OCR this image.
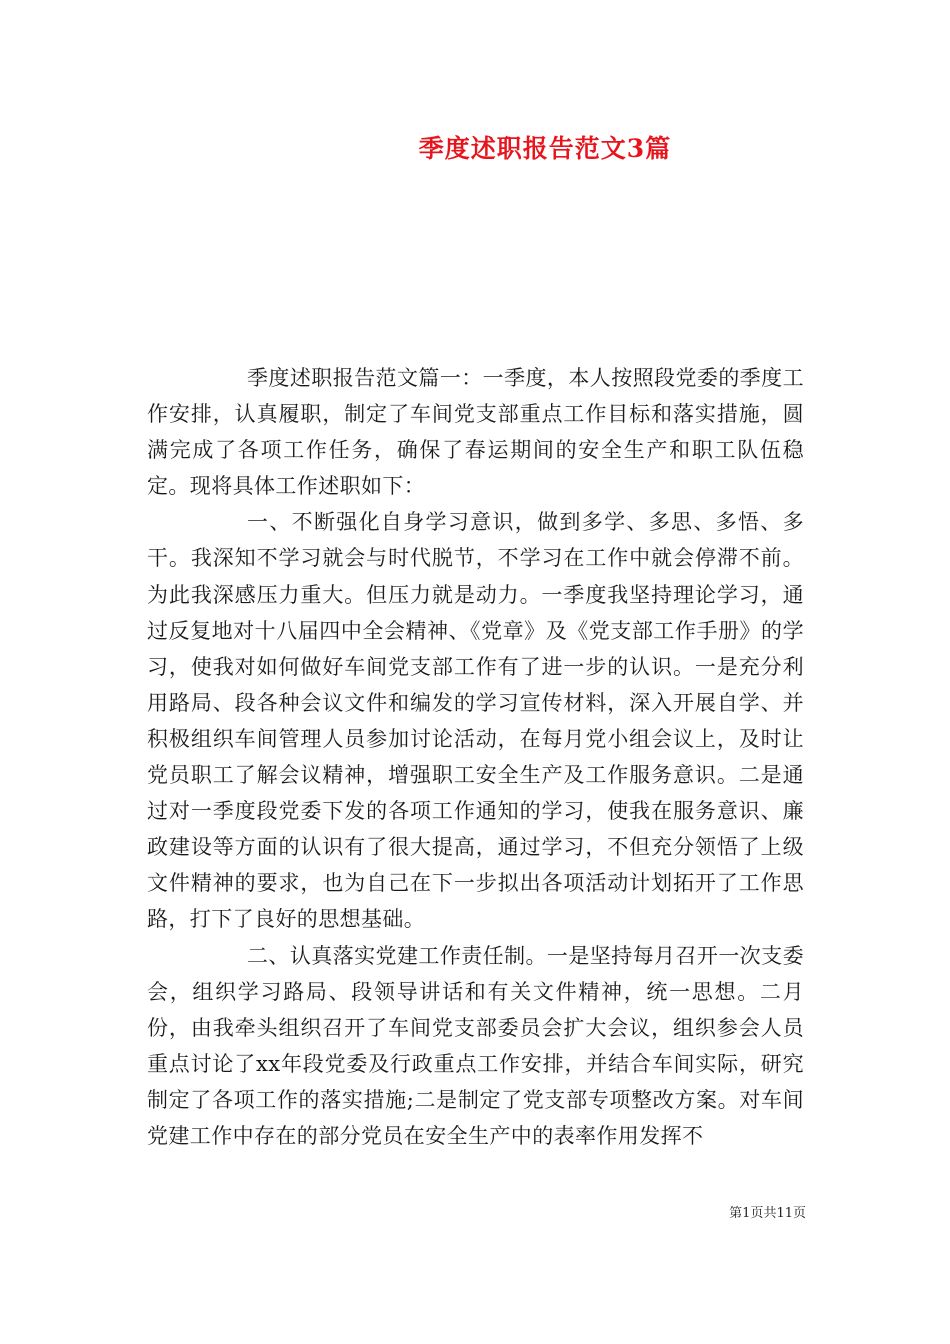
季度述职报告范文3篇

季度述职报告范文篇一：一季度，本人按照段党委的季度工作安排，认真履职，制定了车间党支部重点工作目标和落实措施，圆满完成了各项工作任务，确保了春运期间的安全生产和职工队伍稳定。现将具体工作述职如下：

一、不断强化自身学习意识，做到多学、多思、多悟、多干。我深知不学习就会与时代脱节，不学习在工作中就会停滞不前。为此我深感压力重大。但压力就是动力。一季度我坚持理论学习，通过反复地对十八届四中全会精神、《党章》及《党支部工作手册》的学习，使我对如何做好车间党支部工作有了进一步的认识。一是充分利用路局、段各种会议文件和编发的学习宣传材料，深入开展自学、并积极组织车间管理人员参加讨论活动，在每月党小组会议上，及时让党员职工了解会议精神，增强职工安全生产及工作服务意识。二是通过对一季度段党委下发的各项工作通知的学习，使我在服务意识、廉政建设等方面的认识有了很大提高，通过学习，不但充分领悟了上级文件精神的要求，也为自己在下一步拟出各项活动计划拓开了工作思路，打下了良好的思想基础。

二、认真落实党建工作责任制。一是坚持每月召开一次支委会，组织学习路局、段领导讲话和有关文件精神，统一思想。二月份，由我牵头组织召开了车间党支部委员会扩大会议，组织参会人员重点讨论了xx年段党委及行政重点工作安排，并结合车间实际，研究制定了各项工作的落实措施;二是制定了党支部专项整改方案。对车间党建工作中存在的部分党员在安全生产中的表率作用发挥不

第1页共11页
